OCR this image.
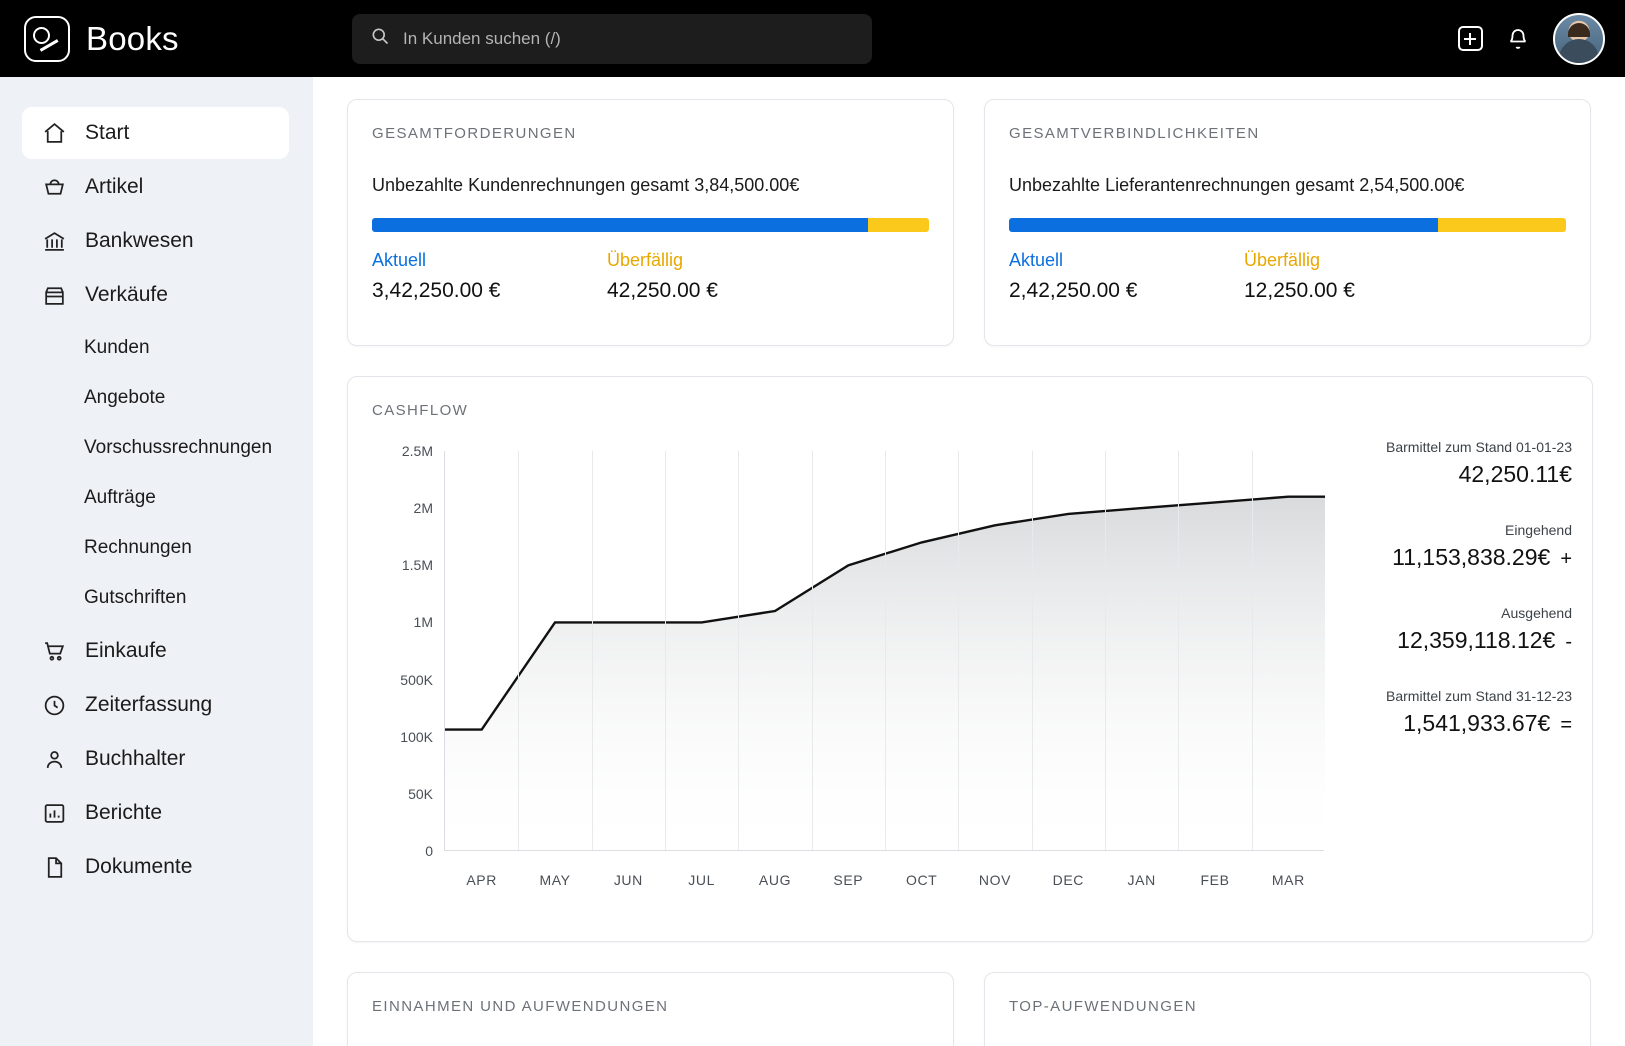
Books
In Kunden suchen (/)
Start
Artikel
Bankwesen
Verkäufe
Kunden
Angebote
Vorschussrechnungen
Aufträge
Rechnungen
Gutschriften
Einkaufe
Zeiterfassung
Buchhalter
Berichte
Dokumente
GESAMTFORDERUNGEN
Unbezahlte Kundenrechnungen gesamt 3,84,500.00€
Aktuell
3,42,250.00 €
Überfällig
42,250.00 €
GESAMTVERBINDLICHKEITEN
Unbezahlte Lieferantenrechnungen gesamt 2,54,500.00€
Aktuell
2,42,250.00 €
Überfällig
12,250.00 €
CASHFLOW
0
50K
100K
500K
1M
1.5M
2M
2.5M
APR	MAY	JUN	JUL	AUG	SEP	OCT	NOV	DEC	JAN	FEB	MAR
Barmittel zum Stand 01-01-23
42,250.11€
Eingehend
11,153,838.29€ +
Ausgehend
12,359,118.12€ -
Barmittel zum Stand 31-12-23
1,541,933.67€ =
EINNAHMEN UND AUFWENDUNGEN	TOP-AUFWENDUNGEN
